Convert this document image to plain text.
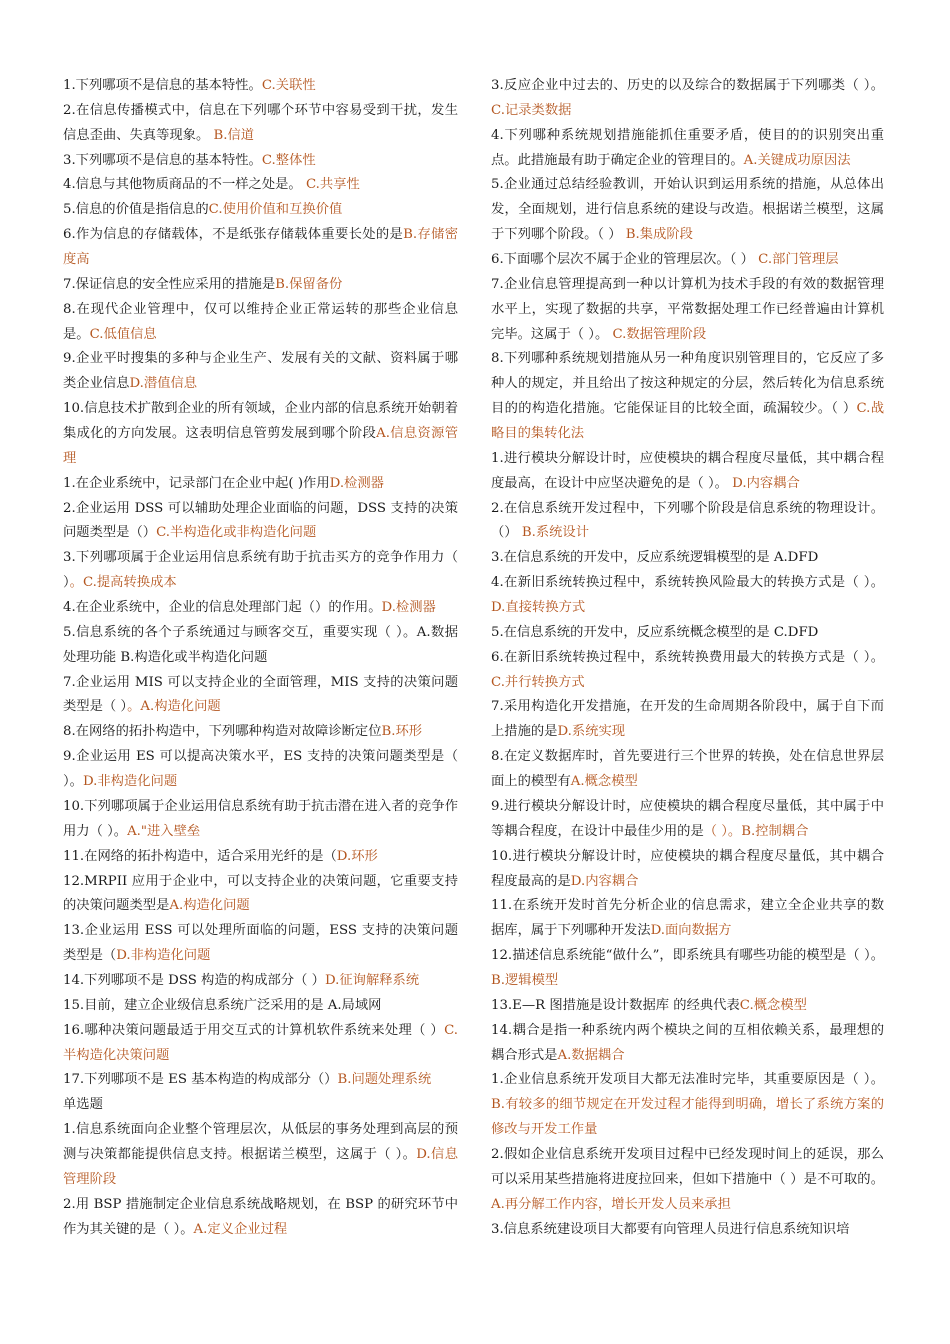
1.下列哪项不是信息的基本特性。C.关联性

2.在信息传播模式中，信息在下列哪个环节中容易受到干扰，发生信息歪曲、失真等现象。 B.信道

3.下列哪项不是信息的基本特性。C.整体性

4.信息与其他物质商品的不一样之处是。 C.共享性

5.信息的价值是指信息的C.使用价值和互换价值

6.作为信息的存储载体，不是纸张存储载体重要长处的是B.存储密度高

7.保证信息的安全性应采用的措施是B.保留备份

8.在现代企业管理中，仅可以维持企业正常运转的那些企业信息是。C.低值信息

9.企业平时搜集的多种与企业生产、发展有关的文献、资料属于哪类企业信息D.潜值信息

10.信息技术扩散到企业的所有领域，企业内部的信息系统开始朝着集成化的方向发展。这表明信息管剪发展到哪个阶段A.信息资源管理

1.在企业系统中，记录部门在企业中起( )作用D.检测器

2.企业运用 DSS 可以辅助处理企业面临的问题，DSS 支持的决策问题类型是（）C.半构造化或非构造化问题

3.下列哪项属于企业运用信息系统有助于抗击买方的竞争作用力（ ）。C.提高转换成本

4.在企业系统中，企业的信息处理部门起（）的作用。D.检测器

5.信息系统的各个子系统通过与顾客交互，重要实现（ ）。A.数据处理功能 B.构造化或半构造化问题

7.企业运用 MIS 可以支持企业的全面管理，MIS 支持的决策问题类型是（ ）。A.构造化问题

8.在网络的拓扑构造中，下列哪种构造对故障诊断定位B.环形

9.企业运用 ES 可以提高决策水平，ES 支持的决策问题类型是（ ）。D.非构造化问题

10.下列哪项属于企业运用信息系统有助于抗击潜在进入者的竞争作用力（ ）。A."进入壁垒

11.在网络的拓扑构造中，适合采用光纤的是（D.环形

12.MRPII 应用于企业中，可以支持企业的决策问题，它重要支持的决策问题类型是A.构造化问题

13.企业运用 ESS 可以处理所面临的问题，ESS 支持的决策问题类型是（D.非构造化问题

14.下列哪项不是 DSS 构造的构成部分（ ）D.征询解释系统

15.目前，建立企业级信息系统广泛采用的是 A.局域网

16.哪种决策问题最适于用交互式的计算机软件系统来处理（ ）C.半构造化决策问题

17.下列哪项不是 ES 基本构造的构成部分（）B.问题处理系统

单选题

1.信息系统面向企业整个管理层次，从低层的事务处理到高层的预测与决策都能提供信息支持。根据诺兰模型，这属于（ ）。D.信息管理阶段

2.用 BSP 措施制定企业信息系统战略规划，在 BSP 的研究环节中作为其关键的是（ ）。A.定义企业过程

3.反应企业中过去的、历史的以及综合的数据属于下列哪类（ ）。 C.记录类数据

4.下列哪种系统规划措施能抓住重要矛盾，使目的的识别突出重点。此措施最有助于确定企业的管理目的。A.关键成功原因法

5.企业通过总结经验教训，开始认识到运用系统的措施，从总体出发，全面规划，进行信息系统的建设与改造。根据诺兰模型，这属于下列哪个阶段。（ ） B.集成阶段

6.下面哪个层次不属于企业的管理层次。（ ） C.部门管理层

7.企业信息管理提高到一种以计算机为技术手段的有效的数据管理水平上，实现了数据的共享，平常数据处理工作已经普遍由计算机完毕。这属于（ ）。 C.数据管理阶段

8.下列哪种系统规划措施从另一种角度识别管理目的，它反应了多种人的规定，并且给出了按这种规定的分层，然后转化为信息系统目的的构造化措施。它能保证目的比较全面，疏漏较少。（ ）C.战略目的集转化法

1.进行模块分解设计时，应使模块的耦合程度尽量低，其中耦合程度最高，在设计中应坚决避免的是（ ）。 D.内容耦合

2.在信息系统开发过程中，下列哪个阶段是信息系统的物理设计。（） B.系统设计

3.在信息系统的开发中，反应系统逻辑模型的是 A.DFD

4.在新旧系统转换过程中，系统转换风险最大的转换方式是（ ）。D.直接转换方式

5.在信息系统的开发中，反应系统概念模型的是 C.DFD

6.在新旧系统转换过程中，系统转换费用最大的转换方式是（ ）。C.并行转换方式

7.采用构造化开发措施，在开发的生命周期各阶段中，属于自下而上措施的是D.系统实现

8.在定义数据库时，首先要进行三个世界的转换，处在信息世界层面上的模型有A.概念模型

9.进行模块分解设计时，应使模块的耦合程度尽量低，其中属于中等耦合程度，在设计中最佳少用的是（ ）。B.控制耦合

10.进行模块分解设计时，应使模块的耦合程度尽量低，其中耦合程度最高的是D.内容耦合

11.在系统开发时首先分析企业的信息需求，建立全企业共享的数据库，属于下列哪种开发法D.面向数据方

12.描述信息系统能“做什么”，即系统具有哪些功能的模型是（ ）。 B.逻辑模型

13.E—R 图措施是设计数据库 的经典代表C.概念模型

14.耦合是指一种系统内两个模块之间的互相依赖关系，最理想的耦合形式是A.数据耦合

1.企业信息系统开发项目大都无法准时完毕，其重要原因是（ ）。B.有较多的细节规定在开发过程才能得到明确，增长了系统方案的修改与开发工作量

2.假如企业信息系统开发项目过程中已经发现时间上的延误，那么可以采用某些措施将进度拉回来，但如下措施中（ ）是不可取的。A.再分解工作内容，增长开发人员来承担

3.信息系统建设项目大都要有向管理人员进行信息系统知识培
